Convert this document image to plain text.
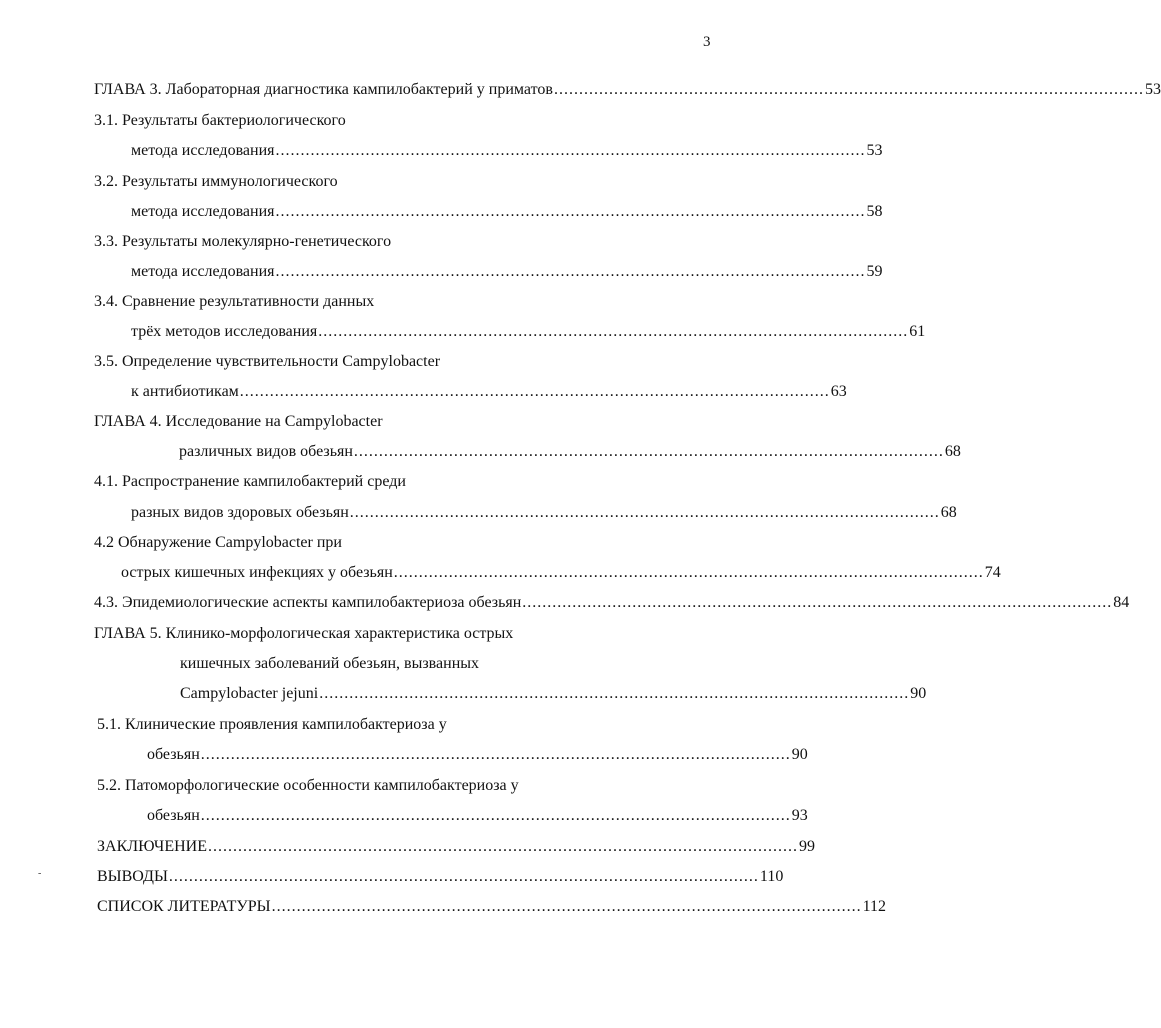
3
ГЛАВА 3. Лабораторная диагностика кампилобактерий у приматов ...................................................................................................................... 53
3.1. Результаты бактериологического
метода исследования ...................................................................................................................... 53
3.2. Результаты иммунологического
метода исследования ...................................................................................................................... 58
3.3. Результаты молекулярно-генетического
метода исследования ...................................................................................................................... 59
3.4. Сравнение результативности данных
трёх методов исследования ...................................................................................................................... 61
3.5. Определение чувствительности Campylobacter
к антибиотикам ...................................................................................................................... 63
ГЛАВА 4. Исследование на Campylobacter
различных видов обезьян ...................................................................................................................... 68
4.1. Распространение кампилобактерий среди
разных видов здоровых обезьян ...................................................................................................................... 68
4.2 Обнаружение Campylobacter при
острых кишечных инфекциях у обезьян ...................................................................................................................... 74
4.3. Эпидемиологические аспекты кампилобактериоза обезьян ...................................................................................................................... 84
ГЛАВА 5. Клинико-морфологическая характеристика острых
кишечных заболеваний обезьян, вызванных
Campylobacter jejuni ...................................................................................................................... 90
5.1. Клинические проявления кампилобактериоза у
обезьян ...................................................................................................................... 90
5.2. Патоморфологические особенности кампилобактериоза у
обезьян ...................................................................................................................... 93
ЗАКЛЮЧЕНИЕ ...................................................................................................................... 99
ВЫВОДЫ ...................................................................................................................... 110
СПИСОК ЛИТЕРАТУРЫ ...................................................................................................................... 112
-
